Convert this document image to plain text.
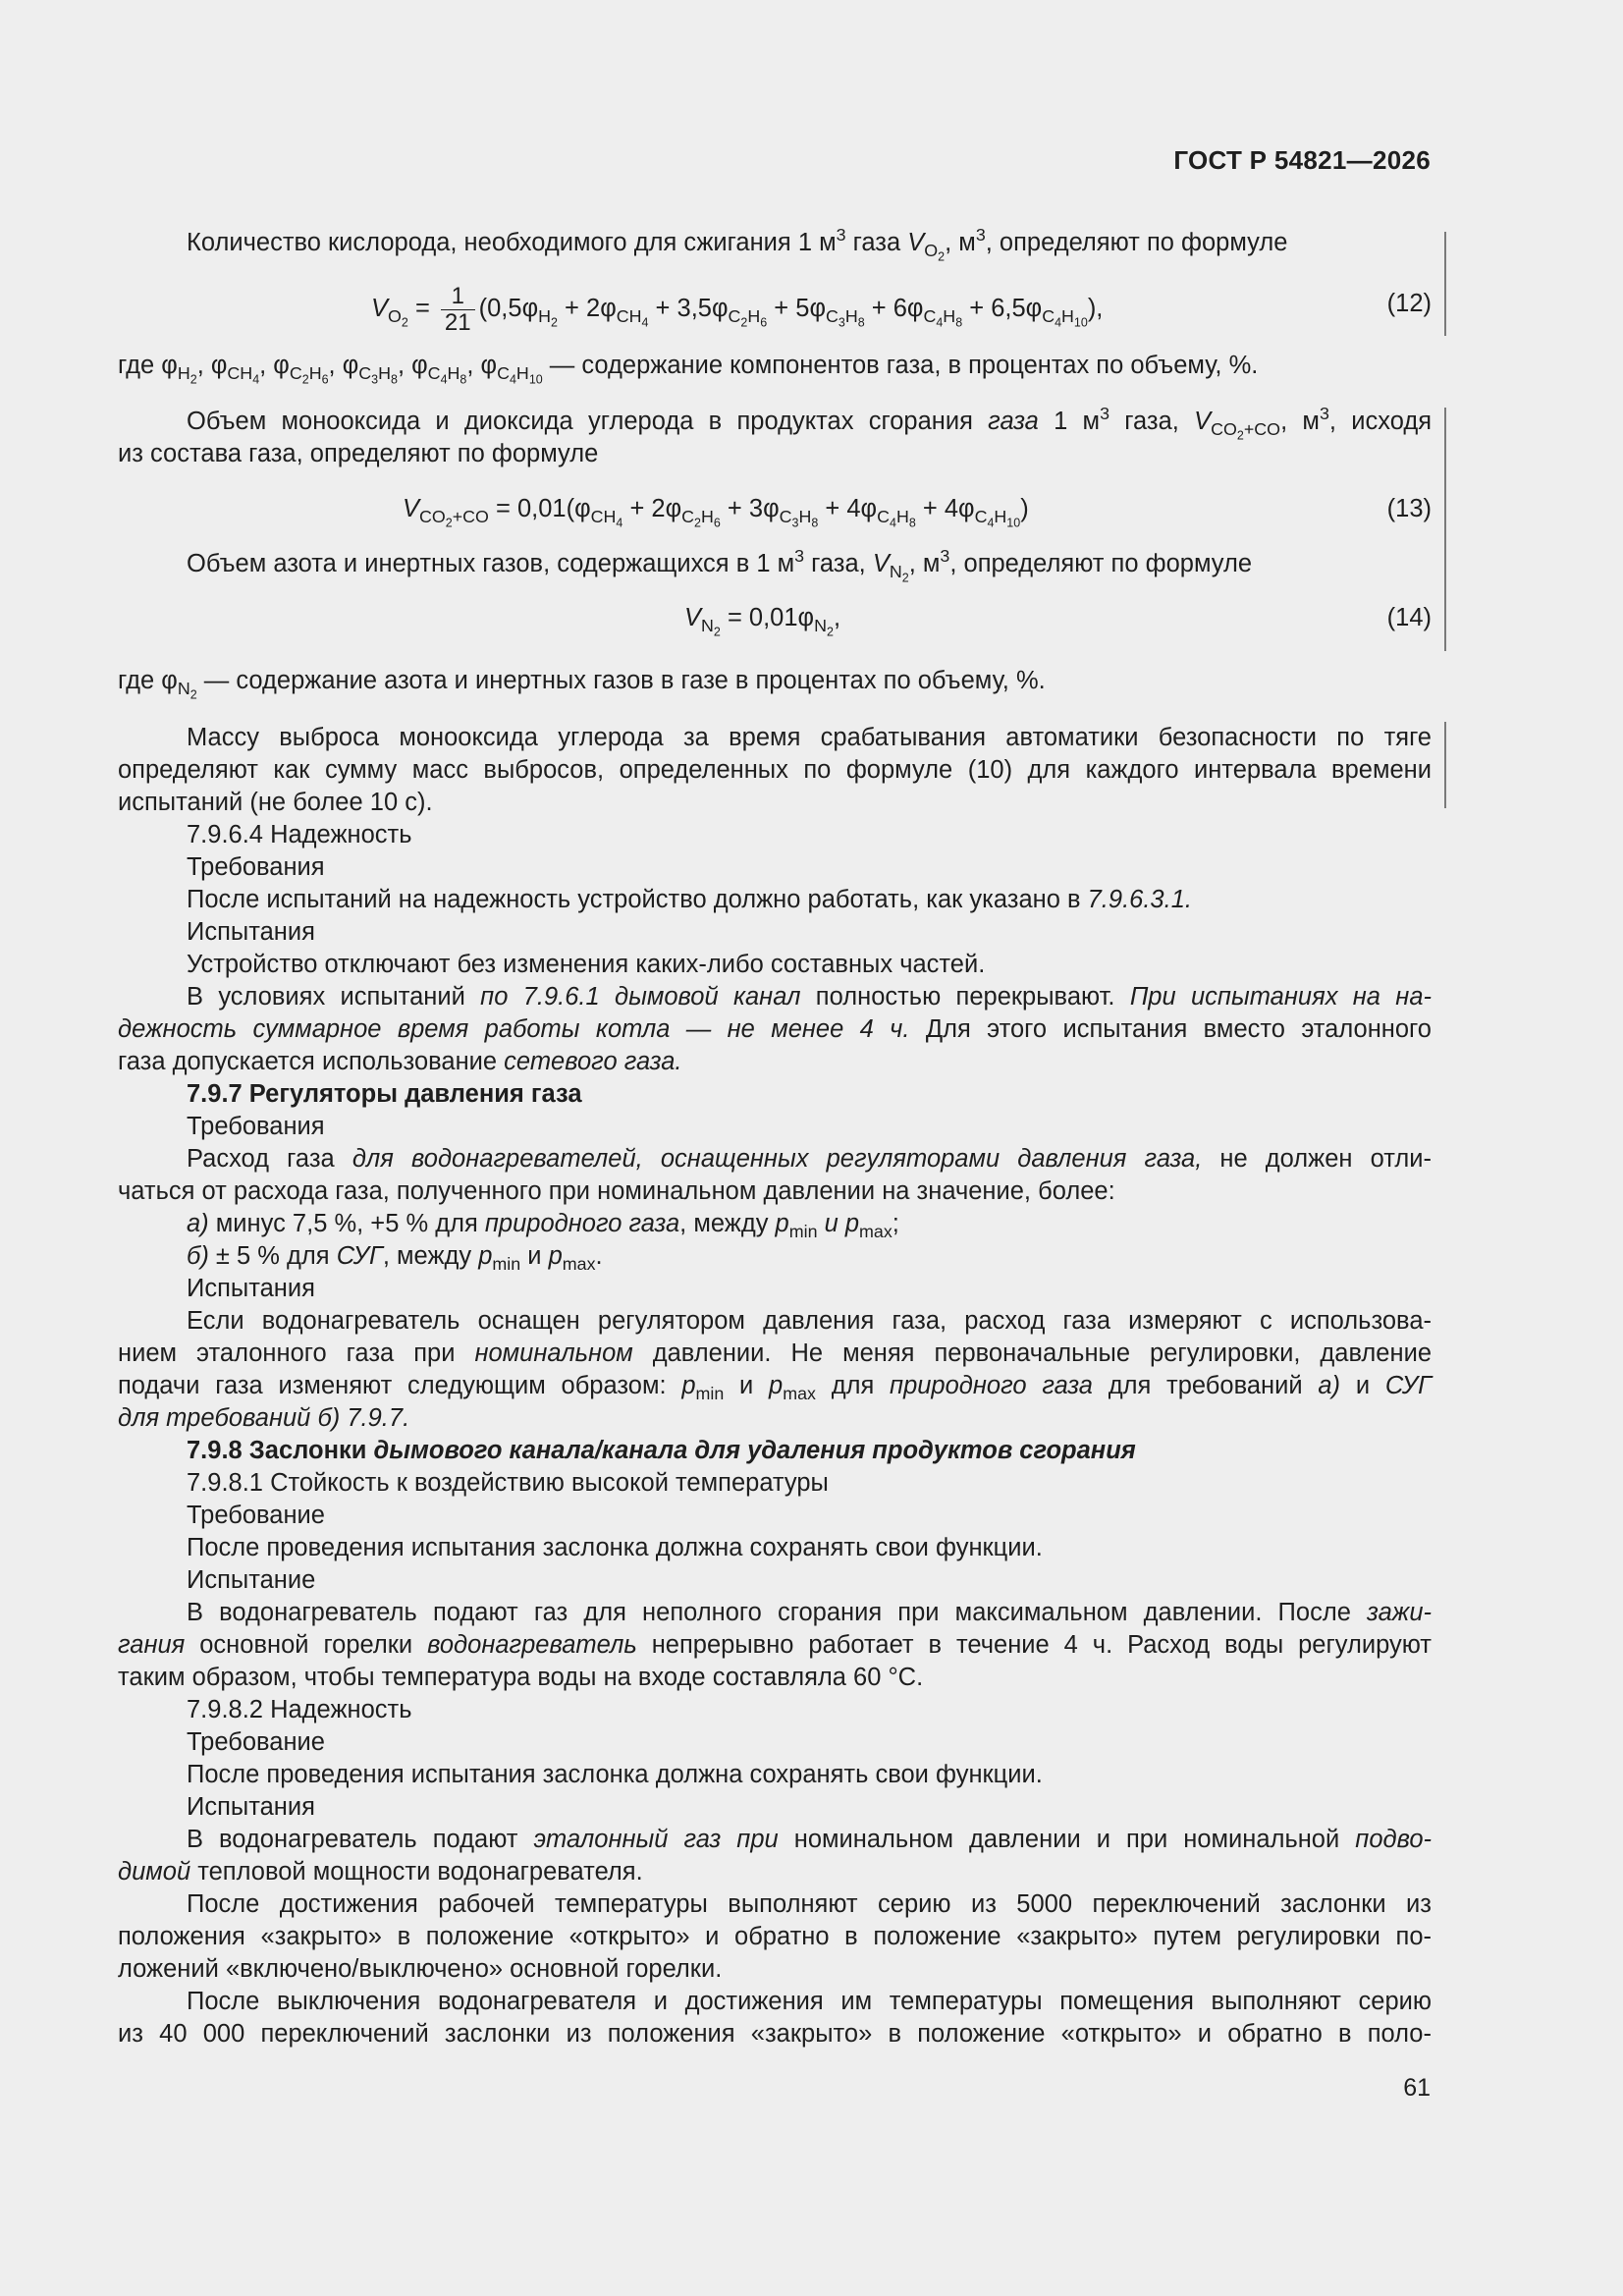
ГОСТ Р 54821—2026
Количество кислорода, необходимого для сжигания 1 $м^3$ газа $V_{O_2}$, $м^3$, определяют по формуле
$V_{O_2} = \frac{1}{21} (0,5\varphi_{H_2} + 2\varphi_{CH_4} + 3,5\varphi_{C_2H_6} + 5\varphi_{C_3H_8} + 6\varphi_{C_4H_8} + 6,5\varphi_{C_4H_{10}})$,	(12)
где $\varphi_{H_2}$, $\varphi_{CH_4}$, $\varphi_{C_2H_6}$, $\varphi_{C_3H_8}$, $\varphi_{C_4H_8}$, $\varphi_{C_4H_{10}}$ — содержание компонентов газа, в процентах по объему, %.
Объем монооксида и диоксида углерода в продуктах сгорания газа 1 $м^3$ газа, $V_{CO_2+CO}$, $м^3$, исходя
из состава газа, определяют по формуле
$V_{CO_2+CO} = 0,01(\varphi_{CH_4} + 2\varphi_{C_2H_6} + 3\varphi_{C_3H_8} + 4\varphi_{C_4H_8} + 4\varphi_{C_4H_{10}})$	(13)
Объем азота и инертных газов, содержащихся в 1 $м^3$ газа, $V_{N_2}$, $м^3$, определяют по формуле
$V_{N_2} = 0,01\varphi_{N_2}$,	(14)
где $\varphi_{N_2}$ — содержание азота и инертных газов в газе в процентах по объему, %.
Массу выброса монооксида углерода за время срабатывания автоматики безопасности по тяге
определяют как сумму масс выбросов, определенных по формуле (10) для каждого интервала времени
испытаний (не более 10 с).
7.9.6.4 Надежность
Требования
После испытаний на надежность устройство должно работать, как указано в 7.9.6.3.1.
Испытания
Устройство отключают без изменения каких-либо составных частей.
В условиях испытаний по 7.9.6.1 дымовой канал полностью перекрывают. При испытаниях на на-
дежность суммарное время работы котла — не менее 4 ч. Для этого испытания вместо эталонного
газа допускается использование сетевого газа.
7.9.7 Регуляторы давления газа
Требования
Расход газа для водонагревателей, оснащенных регуляторами давления газа, не должен отли-
чаться от расхода газа, полученного при номинальном давлении на значение, более:
а) минус 7,5 %, +5 % для природного газа, между $p_{min}$ и $p_{max}$;
б) ± 5 % для СУГ, между $p_{min}$ и $p_{max}$.
Испытания
Если водонагреватель оснащен регулятором давления газа, расход газа измеряют с использова-
нием эталонного газа при номинальном давлении. Не меняя первоначальные регулировки, давление
подачи газа изменяют следующим образом: $p_{min}$ и $p_{max}$ для природного газа для требований а) и СУГ
для требований б) 7.9.7.
7.9.8 Заслонки дымового канала/канала для удаления продуктов сгорания
7.9.8.1 Стойкость к воздействию высокой температуры
Требование
После проведения испытания заслонка должна сохранять свои функции.
Испытание
В водонагреватель подают газ для неполного сгорания при максимальном давлении. После зажи-
гания основной горелки водонагреватель непрерывно работает в течение 4 ч. Расход воды регулируют
таким образом, чтобы температура воды на входе составляла 60 °С.
7.9.8.2 Надежность
Требование
После проведения испытания заслонка должна сохранять свои функции.
Испытания
В водонагреватель подают эталонный газ при номинальном давлении и при номинальной подво-
димой тепловой мощности водонагревателя.
После достижения рабочей температуры выполняют серию из 5000 переключений заслонки из
положения «закрыто» в положение «открыто» и обратно в положение «закрыто» путем регулировки по-
ложений «включено/выключено» основной горелки.
После выключения водонагревателя и достижения им температуры помещения выполняют серию
из 40 000 переключений заслонки из положения «закрыто» в положение «открыто» и обратно в поло-
61
